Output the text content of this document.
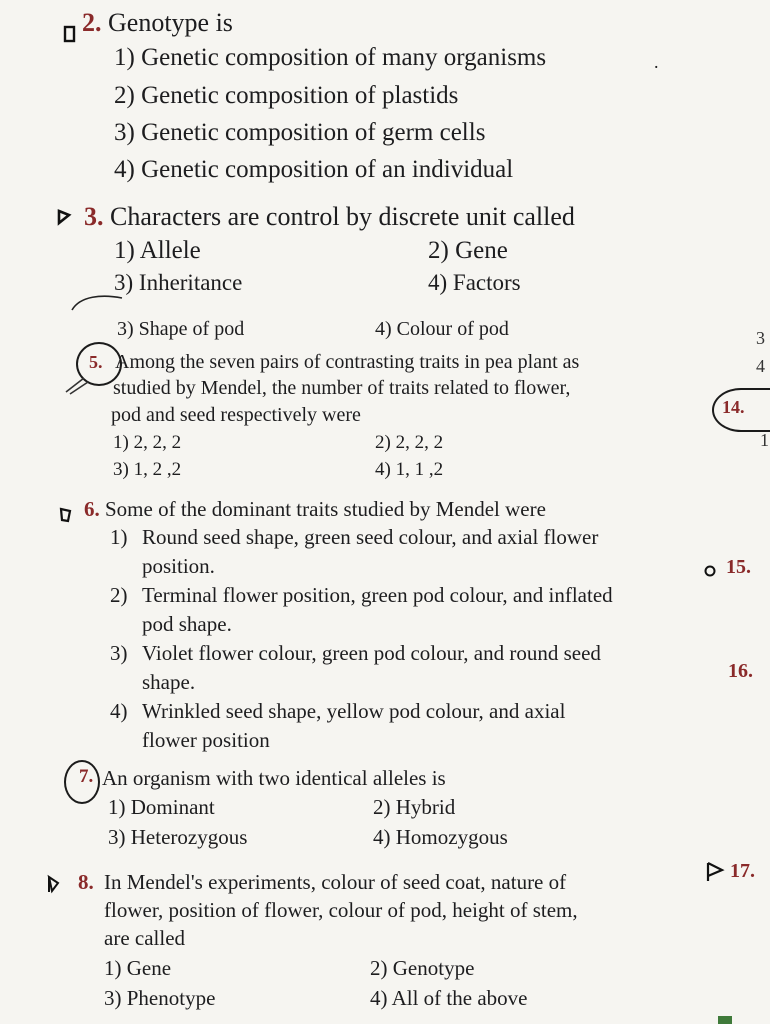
2. Genotype is
1) Genetic composition of many organisms	.
2) Genetic composition of plastids
3) Genetic composition of germ cells
4) Genetic composition of an individual
3. Characters are control by discrete unit called
1) Allele	2) Gene
3) Inheritance	4) Factors
3) Shape of pod	4) Colour of pod
5. Among the seven pairs of contrasting traits in pea plant as
studied by Mendel, the number of traits related to flower,
pod and seed respectively were
1) 2, 2, 2	2) 2, 2, 2
3) 1, 2 ,2	4) 1, 1 ,2
6. Some of the dominant traits studied by Mendel were
1) Round seed shape, green seed colour, and axial flower
position.
2) Terminal flower position, green pod colour, and inflated
pod shape.
3) Violet flower colour, green pod colour, and round seed
shape.
4) Wrinkled seed shape, yellow pod colour, and axial
flower position
7. An organism with two identical alleles is
1) Dominant	2) Hybrid
3) Heterozygous	4) Homozygous
8. In Mendel's experiments, colour of seed coat, nature of
flower, position of flower, colour of pod, height of stem,
are called
1) Gene	2) Genotype
3) Phenotype	4) All of the above
3
4
14.
1
15.
16.
17.
